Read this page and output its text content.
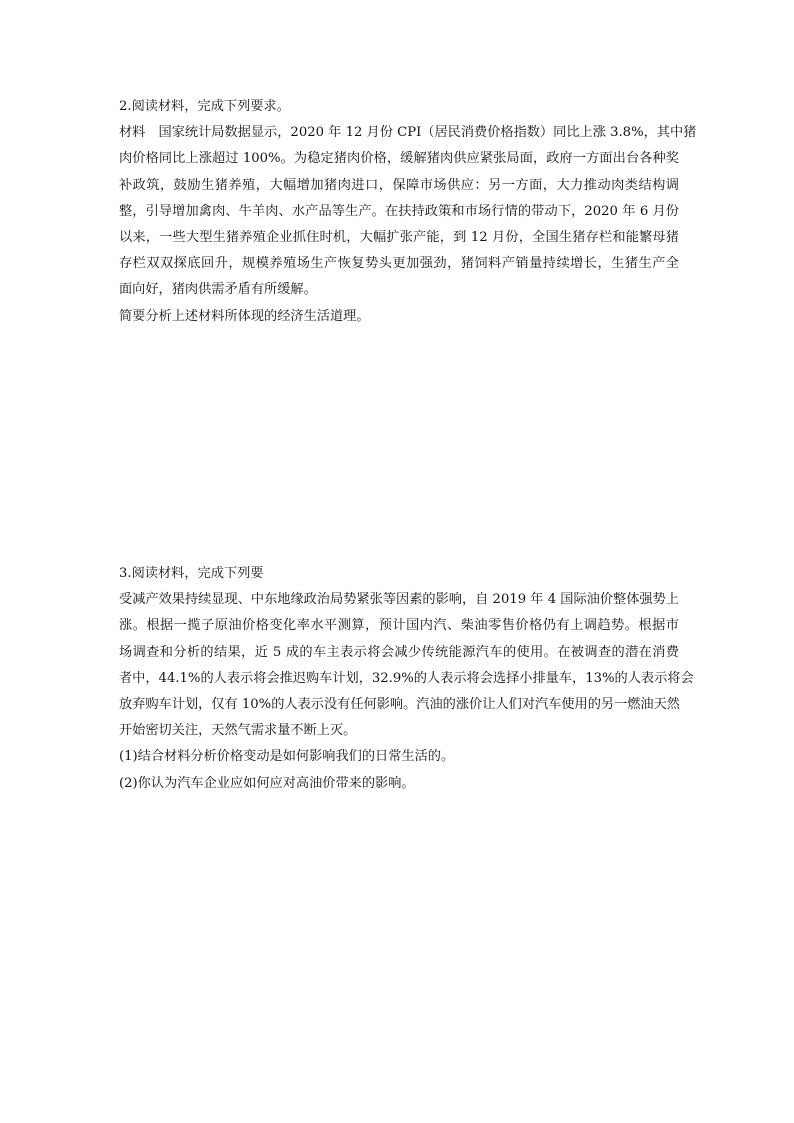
2.阅读材料，完成下列要求。
材料　国家统计局数据显示，2020 年 12 月份 CPI（居民消费价格指数）同比上涨 3.8%，其中猪
肉价格同比上涨超过 100%。为稳定猪肉价格，缓解猪肉供应紧张局面，政府一方面出台各种奖
补政筑，鼓励生猪养殖，大幅增加猪肉进口，保障市场供应：另一方面，大力推动肉类结构调
整，引导增加禽肉、牛羊肉、水产品等生产。在扶持政策和市场行情的带动下，2020 年 6 月份
以来，一些大型生猪养殖企业抓住时机，大幅扩张产能，到 12 月份，全国生猪存栏和能繁母猪
存栏双双探底回升，规模养殖场生产恢复势头更加强劲，猪饲料产销量持续增长，生猪生产全
面向好，猪肉供需矛盾有所缓解。
简要分析上述材料所体现的经济生活道理。
3.阅读材料，完成下列要
受减产效果持续显现、中东地缘政治局势紧张等因素的影响，自 2019 年 4 国际油价整体强势上
涨。根据一揽子原油价格变化率水平测算，预计国内汽、柴油零售价格仍有上调趋势。根据市
场调查和分析的结果，近 5 成的车主表示将会减少传统能源汽车的使用。在被调查的潜在消费
者中，44.1%的人表示将会推迟购车计划，32.9%的人表示将会选择小排量车，13%的人表示将会
放弃购车计划，仅有 10%的人表示没有任何影响。汽油的涨价让人们对汽车使用的另一燃油天然
开始密切关注，天然气需求量不断上灭。
(1)结合材料分析价格变动是如何影响我们的日常生活的。
(2)你认为汽车企业应如何应对高油价带来的影响。
